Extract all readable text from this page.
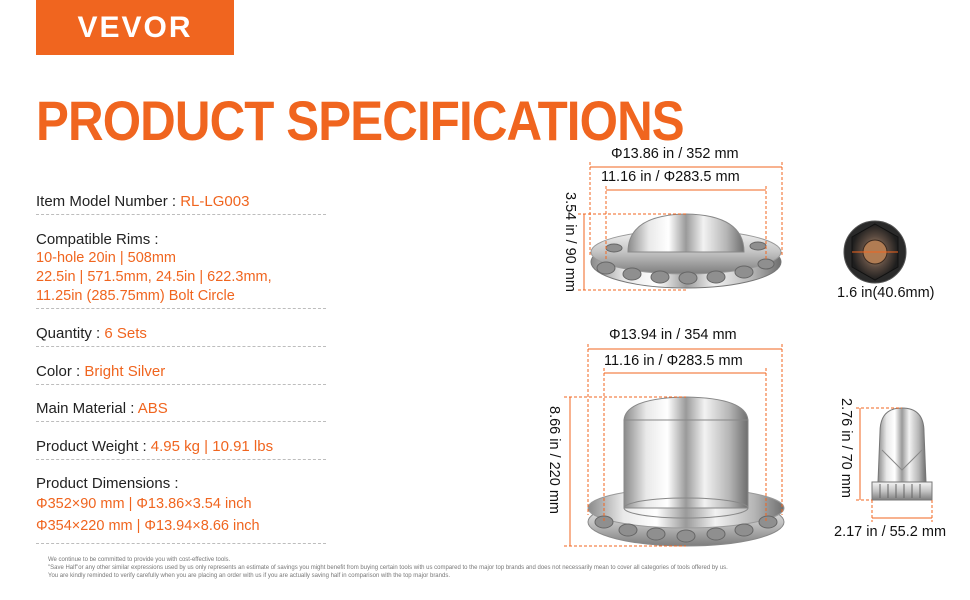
VEVOR
PRODUCT SPECIFICATIONS
Item Model Number : RL-LG003
Compatible Rims :
10-hole 20in | 508mm
22.5in | 571.5mm, 24.5in | 622.3mm,
11.25in (285.75mm) Bolt Circle
Quantity : 6 Sets
Color : Bright Silver
Main Material : ABS
Product Weight : 4.95 kg | 10.91 lbs
Product Dimensions :
Φ352×90 mm | Φ13.86×3.54 inch
Φ354×220 mm | Φ13.94×8.66 inch
We continue to be committed to provide you with cost-effective tools.
"Save Half"or any other similar expressions used by us only represents an estimate of savings you might benefit from buying certain tools with us compared to the major top brands and does not necessarily mean to cover all categories of tools offered by us.
You are kindly reminded to verify carefully when you are placing an order with us if you are actually saving half in comparison with the top major brands.
Φ13.86 in / 352 mm
11.16 in / Φ283.5 mm
3.54 in / 90 mm
1.6 in(40.6mm)
Φ13.94 in / 354 mm
11.16 in / Φ283.5 mm
8.66 in / 220 mm	2.76 in / 70 mm
2.17 in / 55.2 mm
